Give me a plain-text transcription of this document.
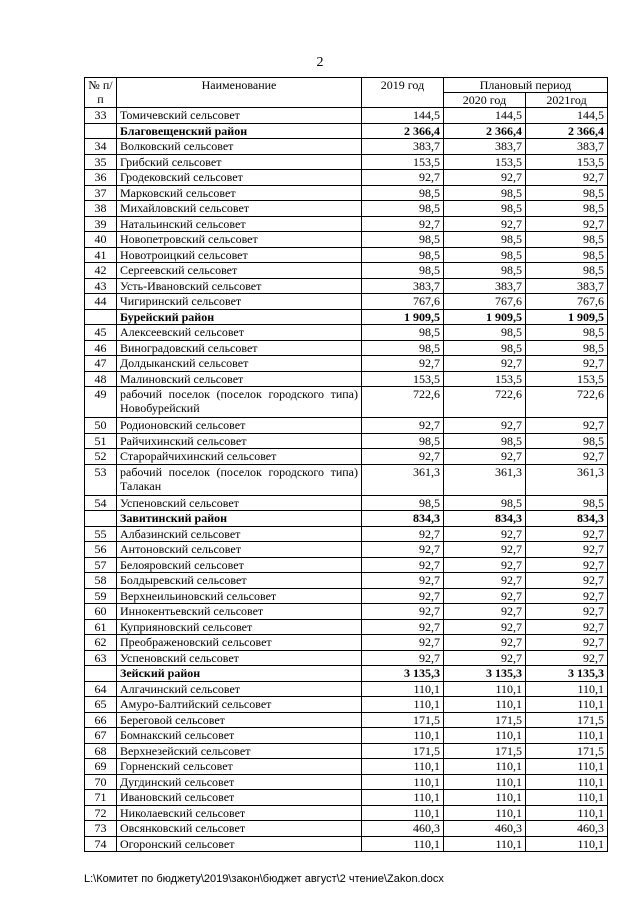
2
№ п/п	Наименование	2019 год	Плановый период	
			2020 год	2021год
33	Томичевский сельсовет	144,5	144,5	144,5
	Благовещенский район	2 366,4	2 366,4	2 366,4
34	Волковский сельсовет	383,7	383,7	383,7
35	Грибский сельсовет	153,5	153,5	153,5
36	Гродековский сельсовет	92,7	92,7	92,7
37	Марковский сельсовет	98,5	98,5	98,5
38	Михайловский сельсовет	98,5	98,5	98,5
39	Натальинский сельсовет	92,7	92,7	92,7
40	Новопетровский сельсовет	98,5	98,5	98,5
41	Новотроицкий сельсовет	98,5	98,5	98,5
42	Сергеевский сельсовет	98,5	98,5	98,5
43	Усть-Ивановский сельсовет	383,7	383,7	383,7
44	Чигиринский сельсовет	767,6	767,6	767,6
	Бурейский район	1 909,5	1 909,5	1 909,5
45	Алексеевский сельсовет	98,5	98,5	98,5
46	Виноградовский сельсовет	98,5	98,5	98,5
47	Долдыканский сельсовет	92,7	92,7	92,7
48	Малиновский сельсовет	153,5	153,5	153,5
49	рабочий поселок (поселок городского типа) Новобурейский	722,6	722,6	722,6
50	Родионовский сельсовет	92,7	92,7	92,7
51	Райчихинский сельсовет	98,5	98,5	98,5
52	Старорайчихинский сельсовет	92,7	92,7	92,7
53	рабочий поселок (поселок городского типа) Талакан	361,3	361,3	361,3
54	Успеновский сельсовет	98,5	98,5	98,5
	Завитинский район	834,3	834,3	834,3
55	Албазинский сельсовет	92,7	92,7	92,7
56	Антоновский сельсовет	92,7	92,7	92,7
57	Белояровский сельсовет	92,7	92,7	92,7
58	Болдыревский сельсовет	92,7	92,7	92,7
59	Верхнеильиновский сельсовет	92,7	92,7	92,7
60	Иннокентьевский сельсовет	92,7	92,7	92,7
61	Куприяновский сельсовет	92,7	92,7	92,7
62	Преображеновский сельсовет	92,7	92,7	92,7
63	Успеновский сельсовет	92,7	92,7	92,7
	Зейский район	3 135,3	3 135,3	3 135,3
64	Алгачинский сельсовет	110,1	110,1	110,1
65	Амуро-Балтийский сельсовет	110,1	110,1	110,1
66	Береговой сельсовет	171,5	171,5	171,5
67	Бомнакский сельсовет	110,1	110,1	110,1
68	Верхнезейский сельсовет	171,5	171,5	171,5
69	Горненский сельсовет	110,1	110,1	110,1
70	Дугдинский сельсовет	110,1	110,1	110,1
71	Ивановский сельсовет	110,1	110,1	110,1
72	Николаевский сельсовет	110,1	110,1	110,1
73	Овсянковский сельсовет	460,3	460,3	460,3
74	Огоронский сельсовет	110,1	110,1	110,1
L:\Комитет по бюджету\2019\закон\бюджет август\2 чтение\Zakon.docx
